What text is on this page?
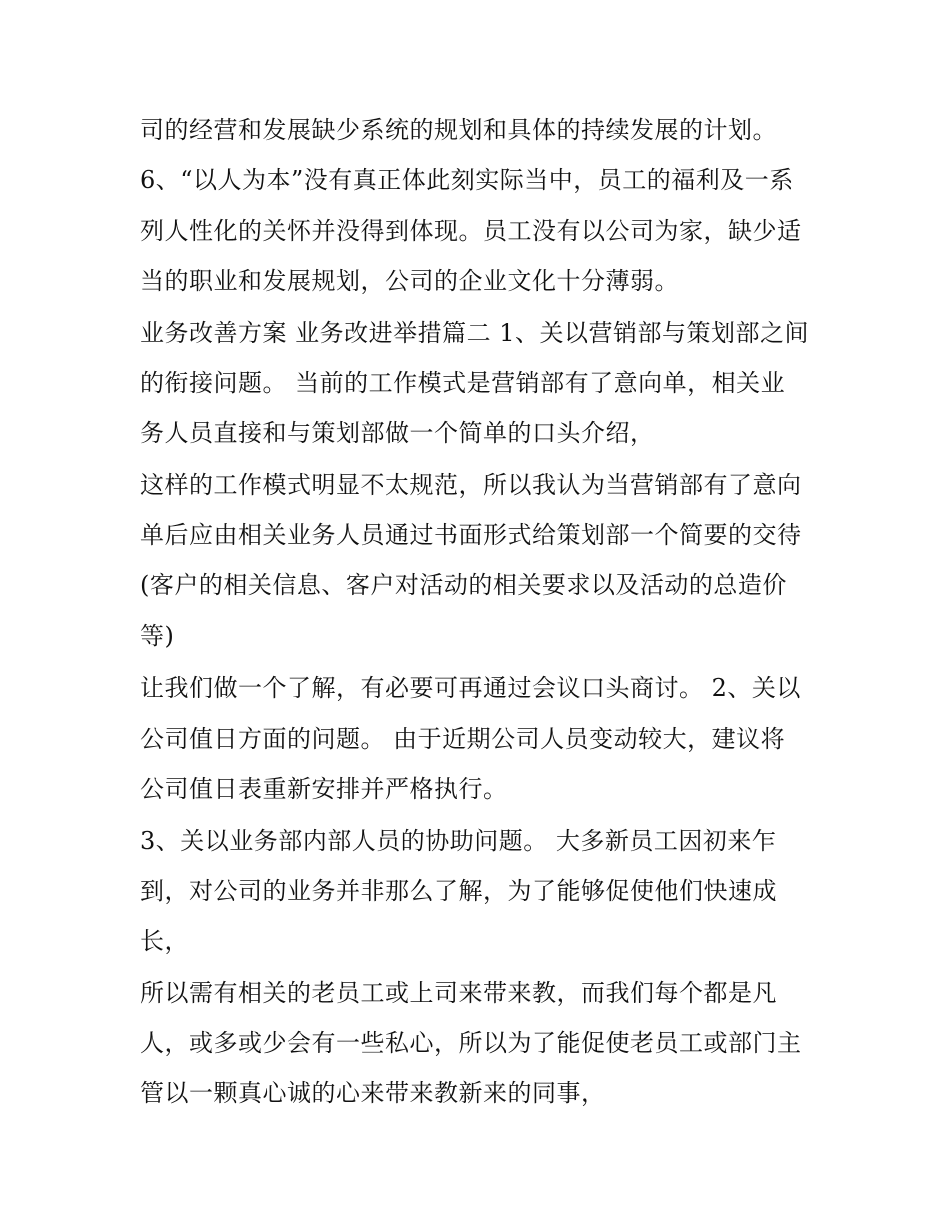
司的经营和发展缺少系统的规划和具体的持续发展的计划。
6、“以人为本”没有真正体此刻实际当中，员工的福利及一系
列人性化的关怀并没得到体现。员工没有以公司为家，缺少适
当的职业和发展规划，公司的企业文化十分薄弱。
业务改善方案 业务改进举措篇二 1、关以营销部与策划部之间
的衔接问题。 当前的工作模式是营销部有了意向单，相关业
务人员直接和与策划部做一个简单的口头介绍，
这样的工作模式明显不太规范，所以我认为当营销部有了意向
单后应由相关业务人员通过书面形式给策划部一个简要的交待
(客户的相关信息、客户对活动的相关要求以及活动的总造价
等)
让我们做一个了解，有必要可再通过会议口头商讨。 2、关以
公司值日方面的问题。 由于近期公司人员变动较大，建议将
公司值日表重新安排并严格执行。
3、关以业务部内部人员的协助问题。 大多新员工因初来乍
到，对公司的业务并非那么了解，为了能够促使他们快速成
长，
所以需有相关的老员工或上司来带来教，而我们每个都是凡
人，或多或少会有一些私心，所以为了能促使老员工或部门主
管以一颗真心诚的心来带来教新来的同事，
